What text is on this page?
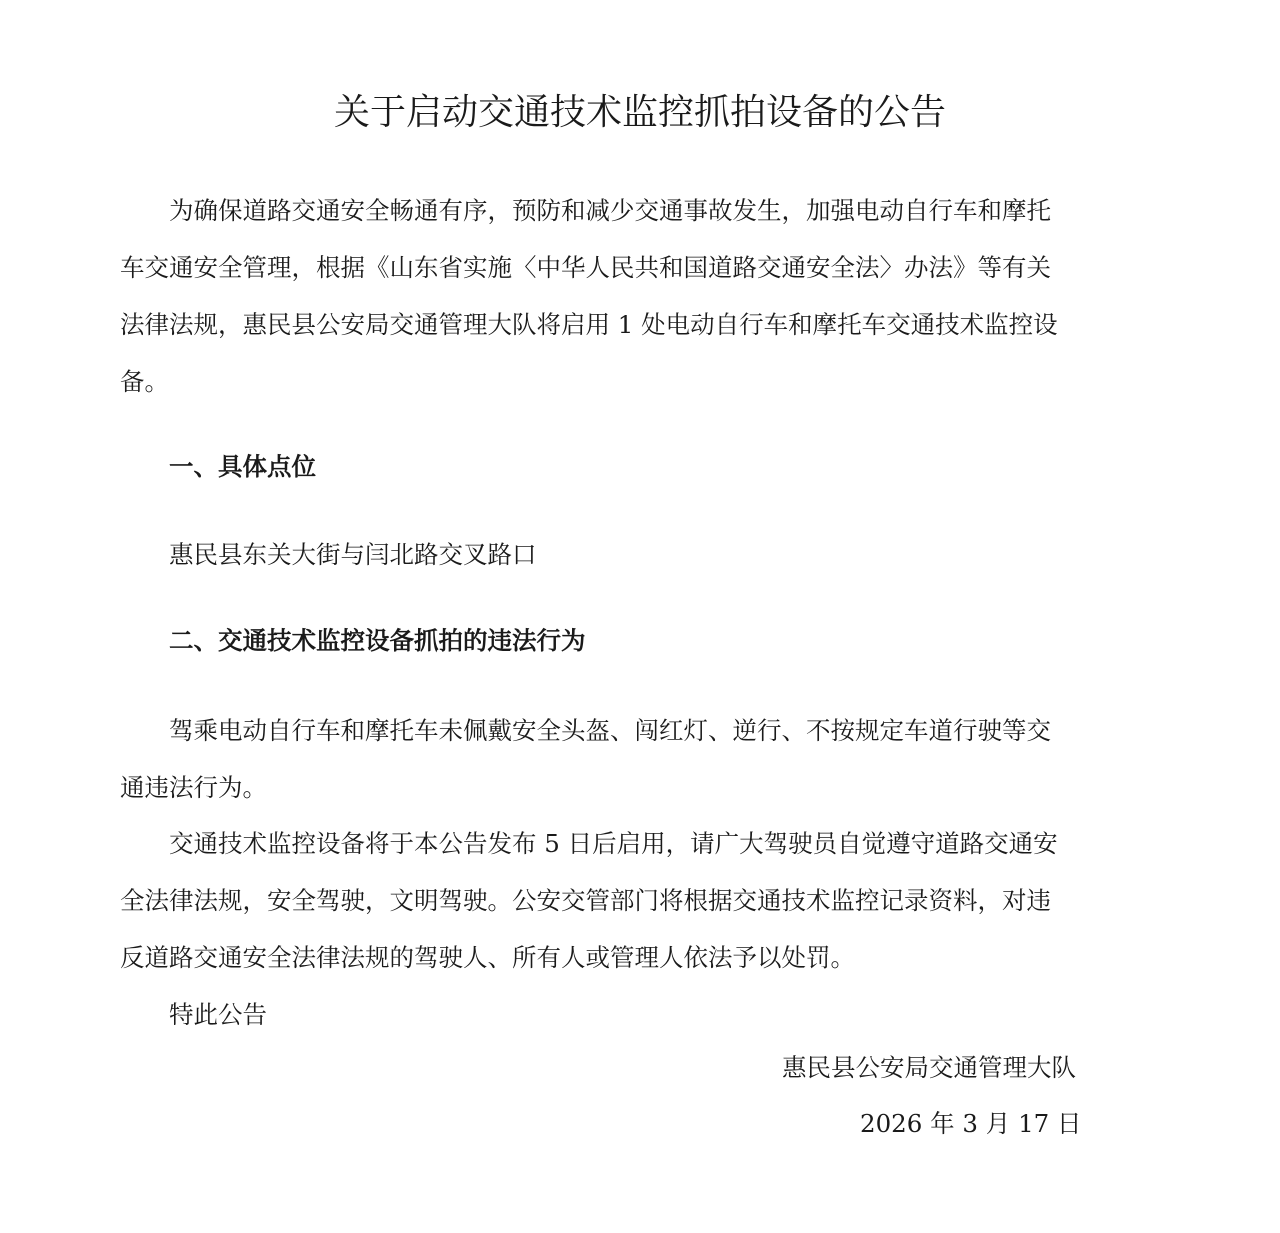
关于启动交通技术监控抓拍设备的公告
　　为确保道路交通安全畅通有序，预防和减少交通事故发生，加强电动自行车和摩托
车交通安全管理，根据《山东省实施〈中华人民共和国道路交通安全法〉办法》等有关
法律法规，惠民县公安局交通管理大队将启用 1 处电动自行车和摩托车交通技术监控设
备。
　　一、具体点位
　　惠民县东关大街与闫北路交叉路口
　　二、交通技术监控设备抓拍的违法行为
　　驾乘电动自行车和摩托车未佩戴安全头盔、闯红灯、逆行、不按规定车道行驶等交
通违法行为。
　　交通技术监控设备将于本公告发布 5 日后启用，请广大驾驶员自觉遵守道路交通安
全法律法规，安全驾驶，文明驾驶。公安交管部门将根据交通技术监控记录资料，对违
反道路交通安全法律法规的驾驶人、所有人或管理人依法予以处罚。
　　特此公告
惠民县公安局交通管理大队
2026 年 3 月 17 日
